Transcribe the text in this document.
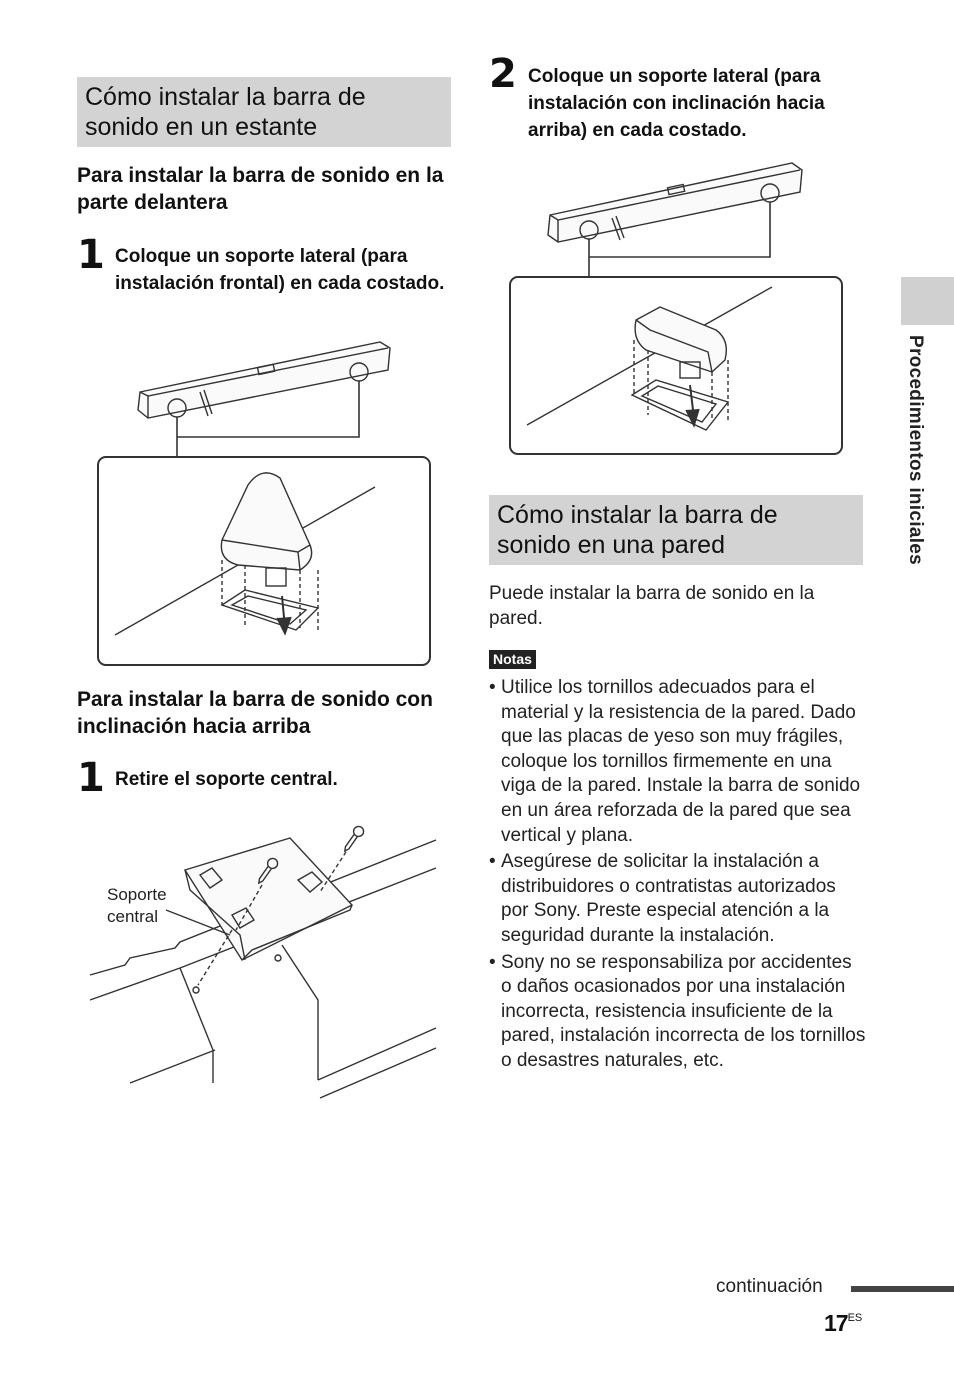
Cómo instalar la barra de sonido en un estante
Para instalar la barra de sonido en la parte delantera
1 Coloque un soporte lateral (para instalación frontal) en cada costado.
Para instalar la barra de sonido con inclinación hacia arriba
1 Retire el soporte central.
Soporte
central
2 Coloque un soporte lateral (para instalación con inclinación hacia arriba) en cada costado.
Cómo instalar la barra de sonido en una pared
Puede instalar la barra de sonido en la pared.
Notas
• Utilice los tornillos adecuados para el material y la resistencia de la pared. Dado que las placas de yeso son muy frágiles, coloque los tornillos firmemente en una viga de la pared. Instale la barra de sonido en un área reforzada de la pared que sea vertical y plana.
• Asegúrese de solicitar la instalación a distribuidores o contratistas autorizados por Sony. Preste especial atención a la seguridad durante la instalación.
• Sony no se responsabiliza por accidentes o daños ocasionados por una instalación incorrecta, resistencia insuficiente de la pared, instalación incorrecta de los tornillos o desastres naturales, etc.
Procedimientos iniciales
continuación
$17^{ES}$
